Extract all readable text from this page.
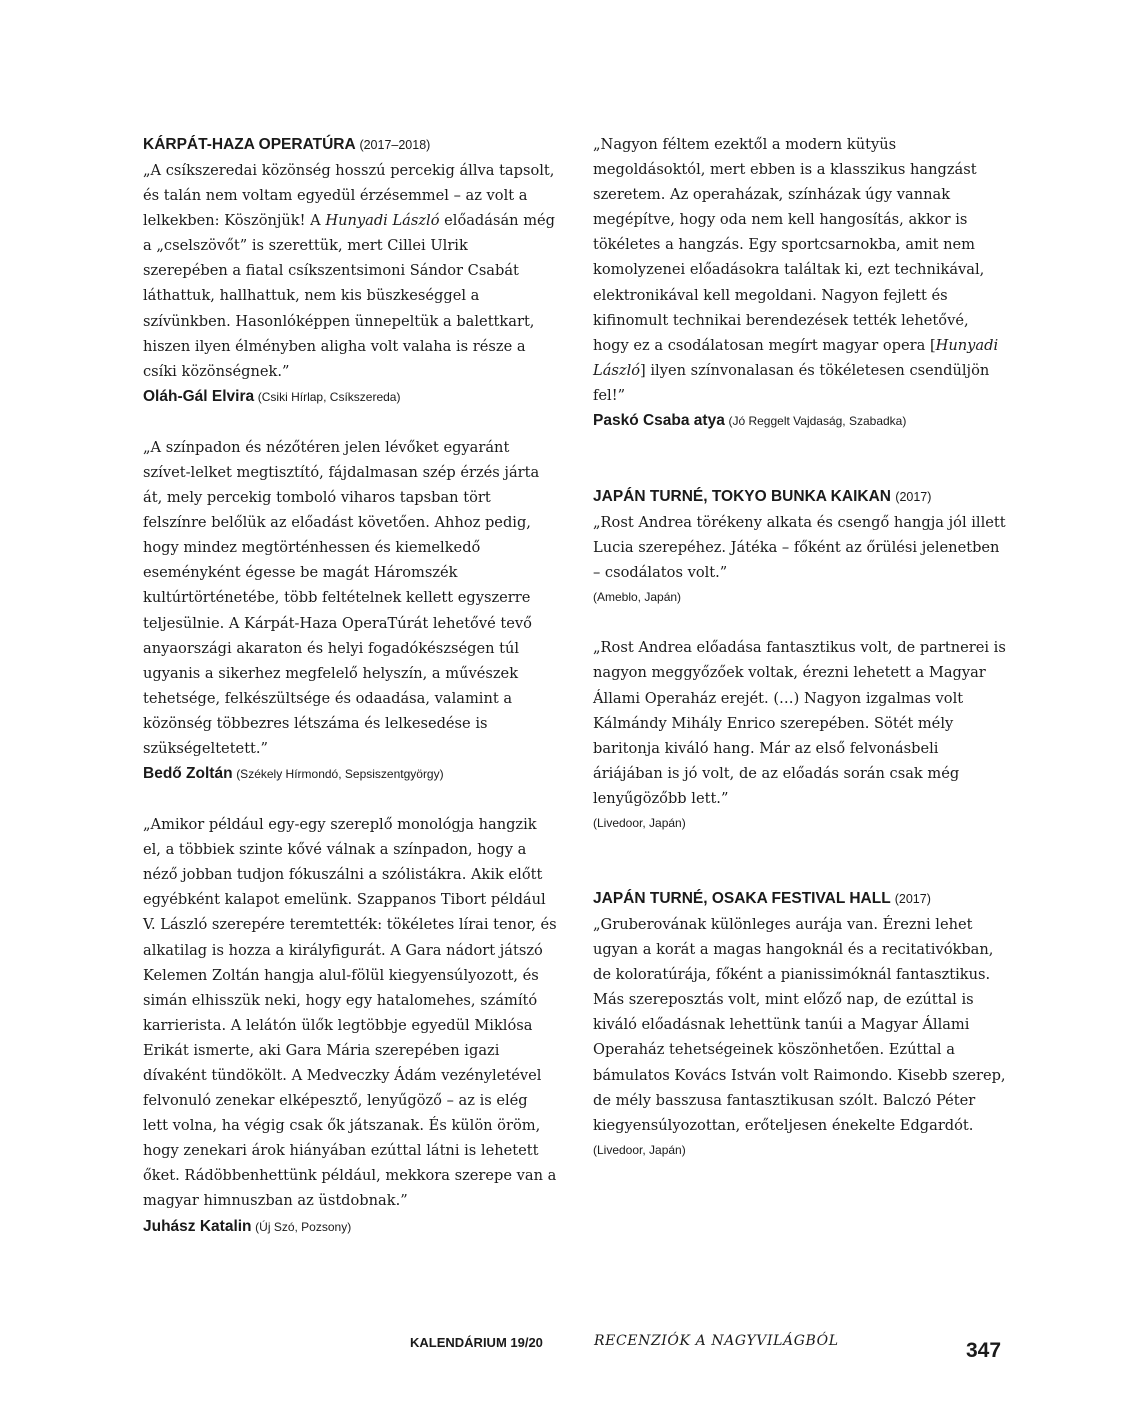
KÁRPÁT-HAZA OPERATÚRA (2017–2018)

„A csíkszeredai közönség hosszú percekig állva tapsolt, és talán nem voltam egyedül érzésemmel – az volt a lelkekben: Köszönjük! A Hunyadi László előadásán még a „cselszövőt” is szerettük, mert Cillei Ulrik szerepében a fiatal csíkszentsimoni Sándor Csabát láthattuk, hallhattuk, nem kis büszkeséggel a szívünkben. Hasonlóképpen ünnepeltük a balettkart, hiszen ilyen élményben aligha volt valaha is része a csíki közönségnek.”

Oláh-Gál Elvira (Csiki Hírlap, Csíkszereda)

„A színpadon és nézőtéren jelen lévőket egyaránt szívet-lelket megtisztító, fájdalmasan szép érzés járta át, mely percekig tomboló viharos tapsban tört felszínre belőlük az előadást követően. Ahhoz pedig, hogy mindez megtörténhessen és kiemelkedő eseményként égesse be magát Háromszék kultúrtörténetébe, több feltételnek kellett egyszerre teljesülnie. A Kárpát-Haza OperaTúrát lehetővé tevő anyaországi akaraton és helyi fogadókészségen túl ugyanis a sikerhez megfelelő helyszín, a művészek tehetsége, felkészültsége és odaadása, valamint a közönség többezres létszáma és lelkesedése is szükségeltetett.”

Bedő Zoltán (Székely Hírmondó, Sepsiszentgyörgy)

„Amikor például egy-egy szereplő monológja hangzik el, a többiek szinte kővé válnak a színpadon, hogy a néző jobban tudjon fókuszálni a szólistákra. Akik előtt egyébként kalapot emelünk. Szappanos Tibort például V. László szerepére teremtették: tökéletes lírai tenor, és alkatilag is hozza a királyfigurát. A Gara nádort játszó Kelemen Zoltán hangja alul-fölül kiegyensúlyozott, és simán elhisszük neki, hogy egy hatalomehes, számító karrierista. A lelátón ülők legtöbbje egyedül Miklósa Erikát ismerte, aki Gara Mária szerepében igazi dívaként tündökölt. A Medveczky Ádám vezényletével felvonuló zenekar elképesztő, lenyűgöző – az is elég lett volna, ha végig csak ők játszanak. És külön öröm, hogy zenekari árok hiányában ezúttal látni is lehetett őket. Rádöbbenhettünk például, mekkora szerepe van a magyar himnuszban az üstdobnak.”

Juhász Katalin (Új Szó, Pozsony)

„Nagyon féltem ezektől a modern kütyüs megoldásoktól, mert ebben is a klasszikus hangzást szeretem. Az operaházak, színházak úgy vannak megépítve, hogy oda nem kell hangosítás, akkor is tökéletes a hangzás. Egy sportcsarnokba, amit nem komolyzenei előadásokra találtak ki, ezt technikával, elektronikával kell megoldani. Nagyon fejlett és kifinomult technikai berendezések tették lehetővé, hogy ez a csodálatosan megírt magyar opera [Hunyadi László] ilyen színvonalasan és tökéletesen csendüljön fel!”

Paskó Csaba atya (Jó Reggelt Vajdaság, Szabadka)

JAPÁN TURNÉ, TOKYO BUNKA KAIKAN (2017)

„Rost Andrea törékeny alkata és csengő hangja jól illett Lucia szerepéhez. Játéka – főként az őrülési jelenetben – csodálatos volt.”

(Ameblo, Japán)

„Rost Andrea előadása fantasztikus volt, de partnerei is nagyon meggyőzőek voltak, érezni lehetett a Magyar Állami Operaház erejét. (…) Nagyon izgalmas volt Kálmándy Mihály Enrico szerepében. Sötét mély baritonja kiváló hang. Már az első felvonásbeli áriájában is jó volt, de az előadás során csak még lenyűgözőbb lett.”

(Livedoor, Japán)

JAPÁN TURNÉ, OSAKA FESTIVAL HALL (2017)

„Gruberovának különleges aurája van. Érezni lehet ugyan a korát a magas hangoknál és a recitativókban, de koloratúrája, főként a pianissimóknál fantasztikus. Más szereposztás volt, mint előző nap, de ezúttal is kiváló előadásnak lehettünk tanúi a Magyar Állami Operaház tehetségeinek köszönhetően. Ezúttal a bámulatos Kovács István volt Raimondo. Kisebb szerep, de mély basszusa fantasztikusan szólt. Balczó Péter kiegyensúlyozottan, erőteljesen énekelte Edgardót.

(Livedoor, Japán)

KALENDÁRIUM 19/20	RECENZIÓK A NAGYVILÁGBÓL	347
